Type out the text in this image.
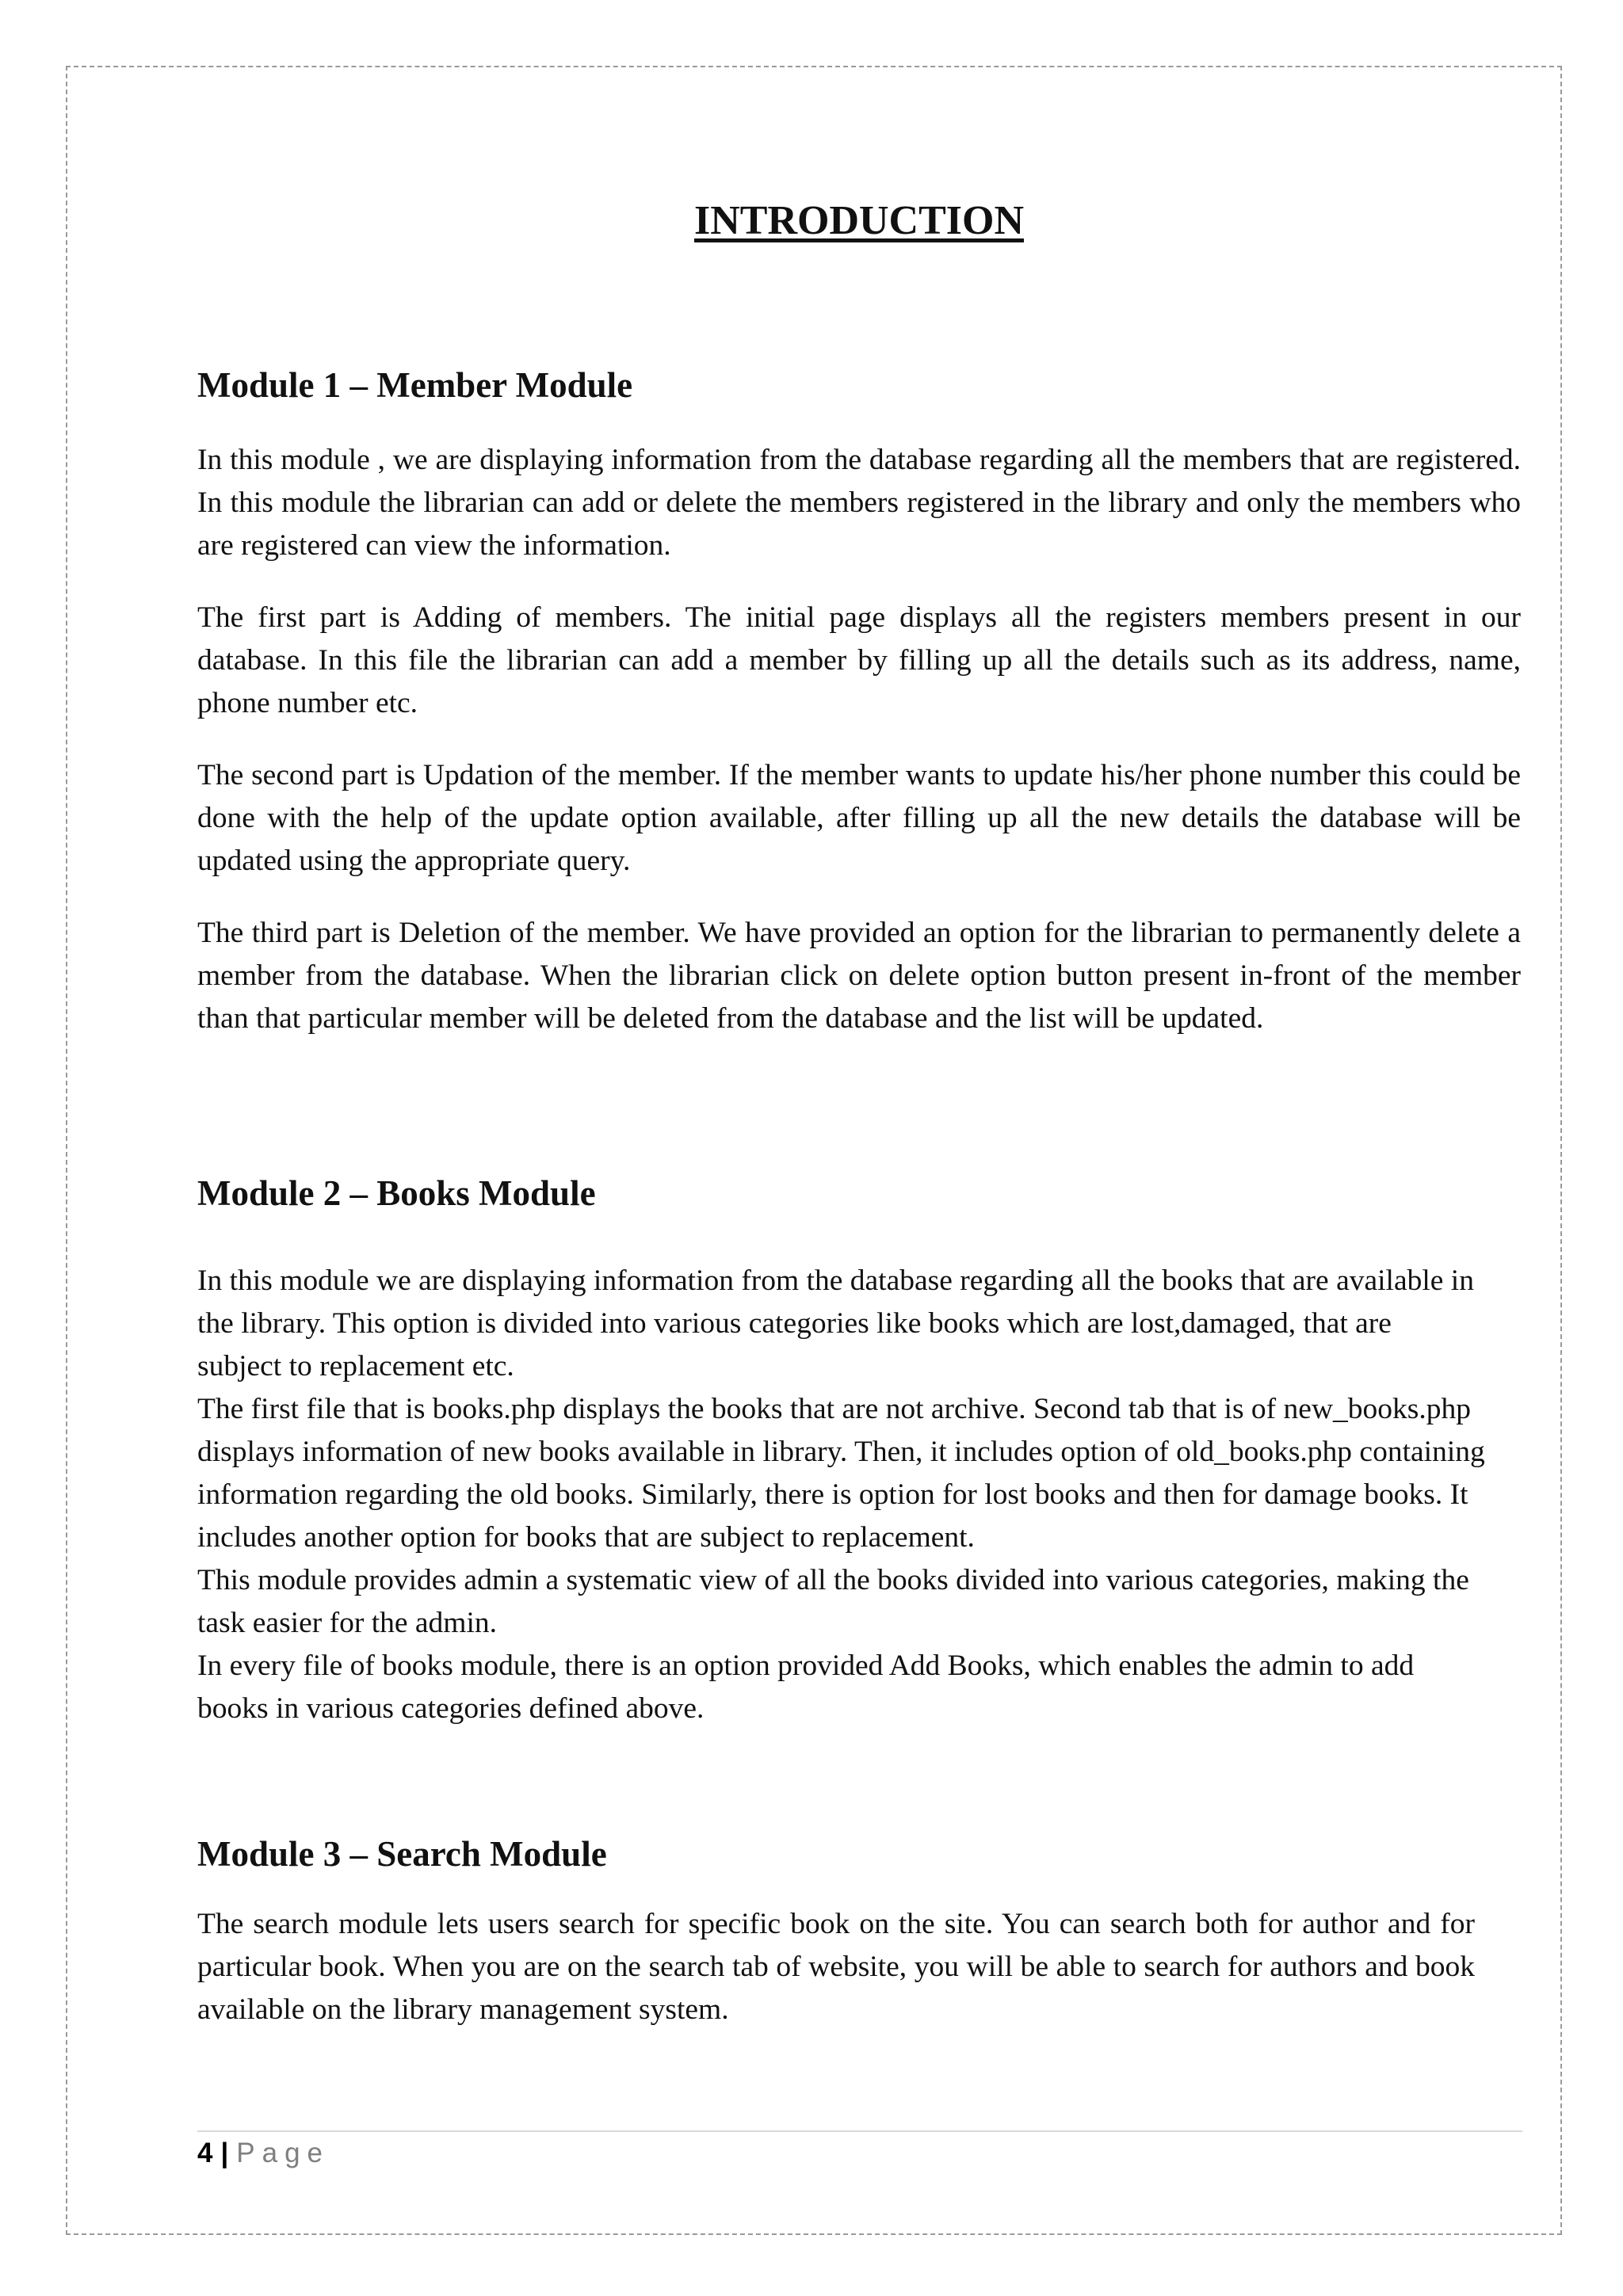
INTRODUCTION
Module 1 – Member Module

In this module , we are displaying information from the database regarding all the members that are registered. In this module the librarian can add or delete the members registered in the library and only the members who are registered can view the information.

The first part is Adding of members. The initial page displays all the registers members present in our database. In this file the librarian can add a member by filling up all the details such as its address, name, phone number etc.

The second part is Updation of the member. If the member wants to update his/her phone number this could be done with the help of the update option available, after filling up all the new details the database will be updated using the appropriate query.

The third part is Deletion of the member. We have provided an option for the librarian to permanently delete a member from the database. When the librarian click on delete option button present in-front of the member than that particular member will be deleted from the database and the list will be updated.

Module 2 – Books Module

In this module we are displaying information from the database regarding all the books that are available in the library. This option is divided into various categories like books which are lost,damaged, that are subject to replacement etc.

The first file that is books.php displays the books that are not archive. Second tab that is of new_books.php displays information of new books available in library. Then, it includes option of old_books.php containing information regarding the old books. Similarly, there is option for lost books and then for damage books. It includes another option for books that are subject to replacement.

This module provides admin a systematic view of all the books divided into various categories, making the task easier for the admin.

In every file of books module, there is an option provided Add Books, which enables the admin to add books in various categories defined above.

Module 3 – Search Module

The search module lets users search for specific book on the site. You can search both for author and for particular book. When you are on the search tab of website, you will be able to search for authors and book available on the library management system.

4 | Page
